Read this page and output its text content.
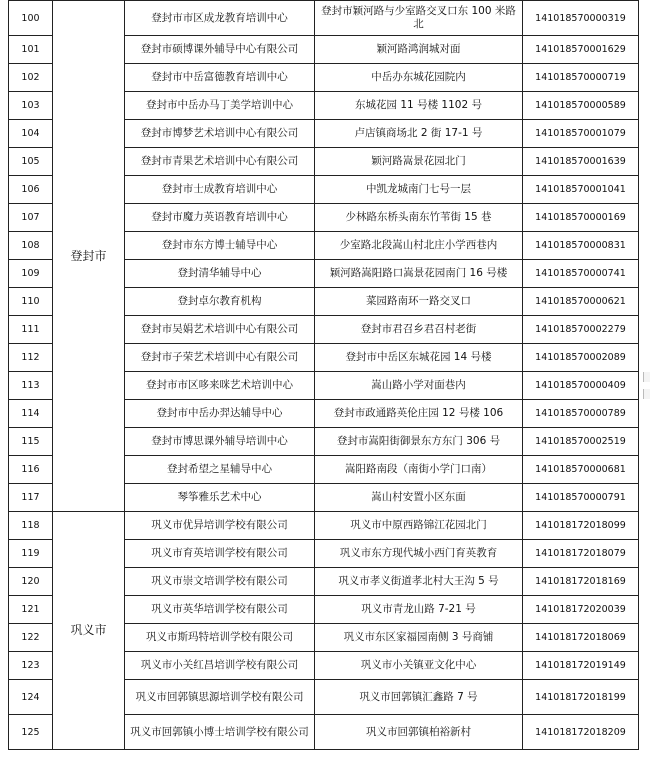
100	登封市	登封市市区成龙教育培训中心	登封市颖河路与少室路交叉口东 100 米路北	141018570000319
101		登封市硕博课外辅导中心有限公司	颖河路鸿润城对面	141018570001629
102		登封市中岳富德教育培训中心	中岳办东城花园院内	141018570000719
103		登封市中岳办马丁美学培训中心	东城花园 11 号楼 1102 号	141018570000589
104		登封市博梦艺术培训中心有限公司	卢店镇商场北 2 街 17-1 号	141018570001079
105		登封市青果艺术培训中心有限公司	颖河路嵩景花园北门	141018570001639
106		登封市士成教育培训中心	中凯龙城南门七号一层	141018570001041
107		登封市魔力英语教育培训中心	少林路东桥头南东竹苇街 15 巷	141018570000169
108		登封市东方博士辅导中心	少室路北段嵩山村北庄小学西巷内	141018570000831
109		登封清华辅导中心	颖河路嵩阳路口嵩景花园南门 16 号楼	141018570000741
110		登封卓尔教育机构	菜园路南环一路交叉口	141018570000621
111		登封市吴娟艺术培训中心有限公司	登封市君召乡君召村老街	141018570002279
112		登封市子荣艺术培训中心有限公司	登封市中岳区东城花园 14 号楼	141018570002089
113		登封市市区哆来咪艺术培训中心	嵩山路小学对面巷内	141018570000409
114		登封市中岳办羿达辅导中心	登封市政通路英伦庄园 12 号楼 106	141018570000789
115		登封市博思课外辅导培训中心	登封市嵩阳街御景东方东门 306 号	141018570002519
116		登封希望之星辅导中心	嵩阳路南段（南街小学门口南）	141018570000681
117		琴筝雅乐艺术中心	嵩山村安置小区东面	141018570000791
118	巩义市	巩义市优异培训学校有限公司	巩义市中原西路锦江花园北门	141018172018099
119		巩义市育英培训学校有限公司	巩义市东方现代城小西门育英教育	141018172018079
120		巩义市崇文培训学校有限公司	巩义市孝义街道孝北村大王沟 5 号	141018172018169
121		巩义市英华培训学校有限公司	巩义市青龙山路 7-21 号	141018172020039
122		巩义市斯玛特培训学校有限公司	巩义市东区家福园南侧 3 号商铺	141018172018069
123		巩义市小关红昌培训学校有限公司	巩义市小关镇亚文化中心	141018172019149
124		巩义市回郭镇思源培训学校有限公司	巩义市回郭镇汇鑫路 7 号	141018172018199
125		巩义市回郭镇小博士培训学校有限公司	巩义市回郭镇柏裕新村	141018172018209
